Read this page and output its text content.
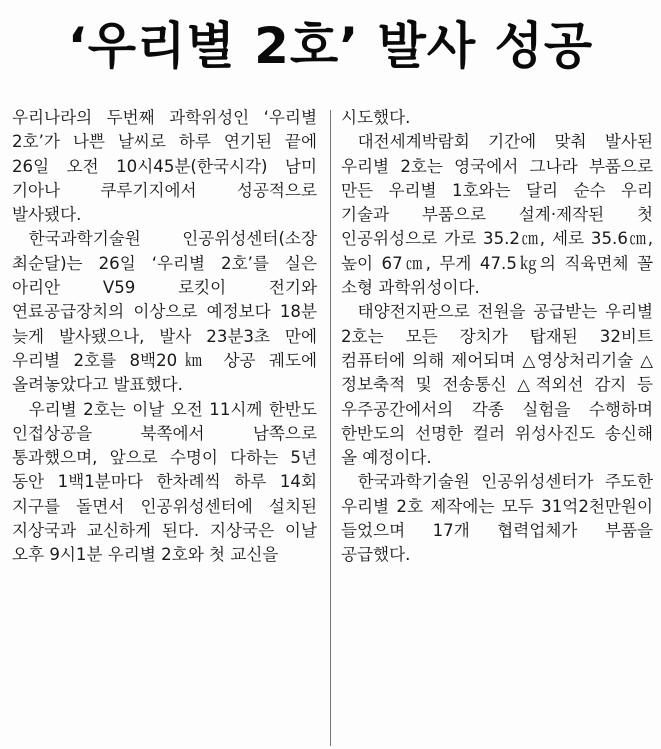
‘우리별 2호’ 발사 성공

우리나라의 두번째 과학위성인 ‘우리별 2호’가 나쁜 날씨로 하루 연기된 끝에 26일 오전 10시45분(한국시각) 남미 기아나 쿠루기지에서 성공적으로 발사됐다.

한국과학기술원 인공위성센터(소장 최순달)는 26일 ‘우리별 2호’를 실은 아리안 V59 로킷이 전기와 연료공급장치의 이상으로 예정보다 18분 늦게 발사됐으나, 발사 23분3초 만에 우리별 2호를 8백20㎞ 상공 궤도에 올려놓았다고 발표했다.

우리별 2호는 이날 오전 11시께 한반도 인접상공을 북쪽에서 남쪽으로 통과했으며, 앞으로 수명이 다하는 5년 동안 1백1분마다 한차례씩 하루 14회 지구를 돌면서 인공위성센터에 설치된 지상국과 교신하게 된다. 지상국은 이날 오후 9시1분 우리별 2호와 첫 교신을

시도했다.

대전세계박람회 기간에 맞춰 발사된 우리별 2호는 영국에서 그나라 부품으로 만든 우리별 1호와는 달리 순수 우리 기술과 부품으로 설계·제작된 첫 인공위성으로 가로 35.2㎝, 세로 35.6㎝, 높이 67㎝, 무게 47.5㎏의 직육면체 꼴 소형 과학위성이다.

태양전지판으로 전원을 공급받는 우리별 2호는 모든 장치가 탑재된 32비트 컴퓨터에 의해 제어되며 △영상처리기술 △정보축적 및 전송통신 △적외선 감지 등 우주공간에서의 각종 실험을 수행하며 한반도의 선명한 컬러 위성사진도 송신해 올 예정이다.

한국과학기술원 인공위성센터가 주도한 우리별 2호 제작에는 모두 31억2천만원이 들었으며 17개 협력업체가 부품을 공급했다.
